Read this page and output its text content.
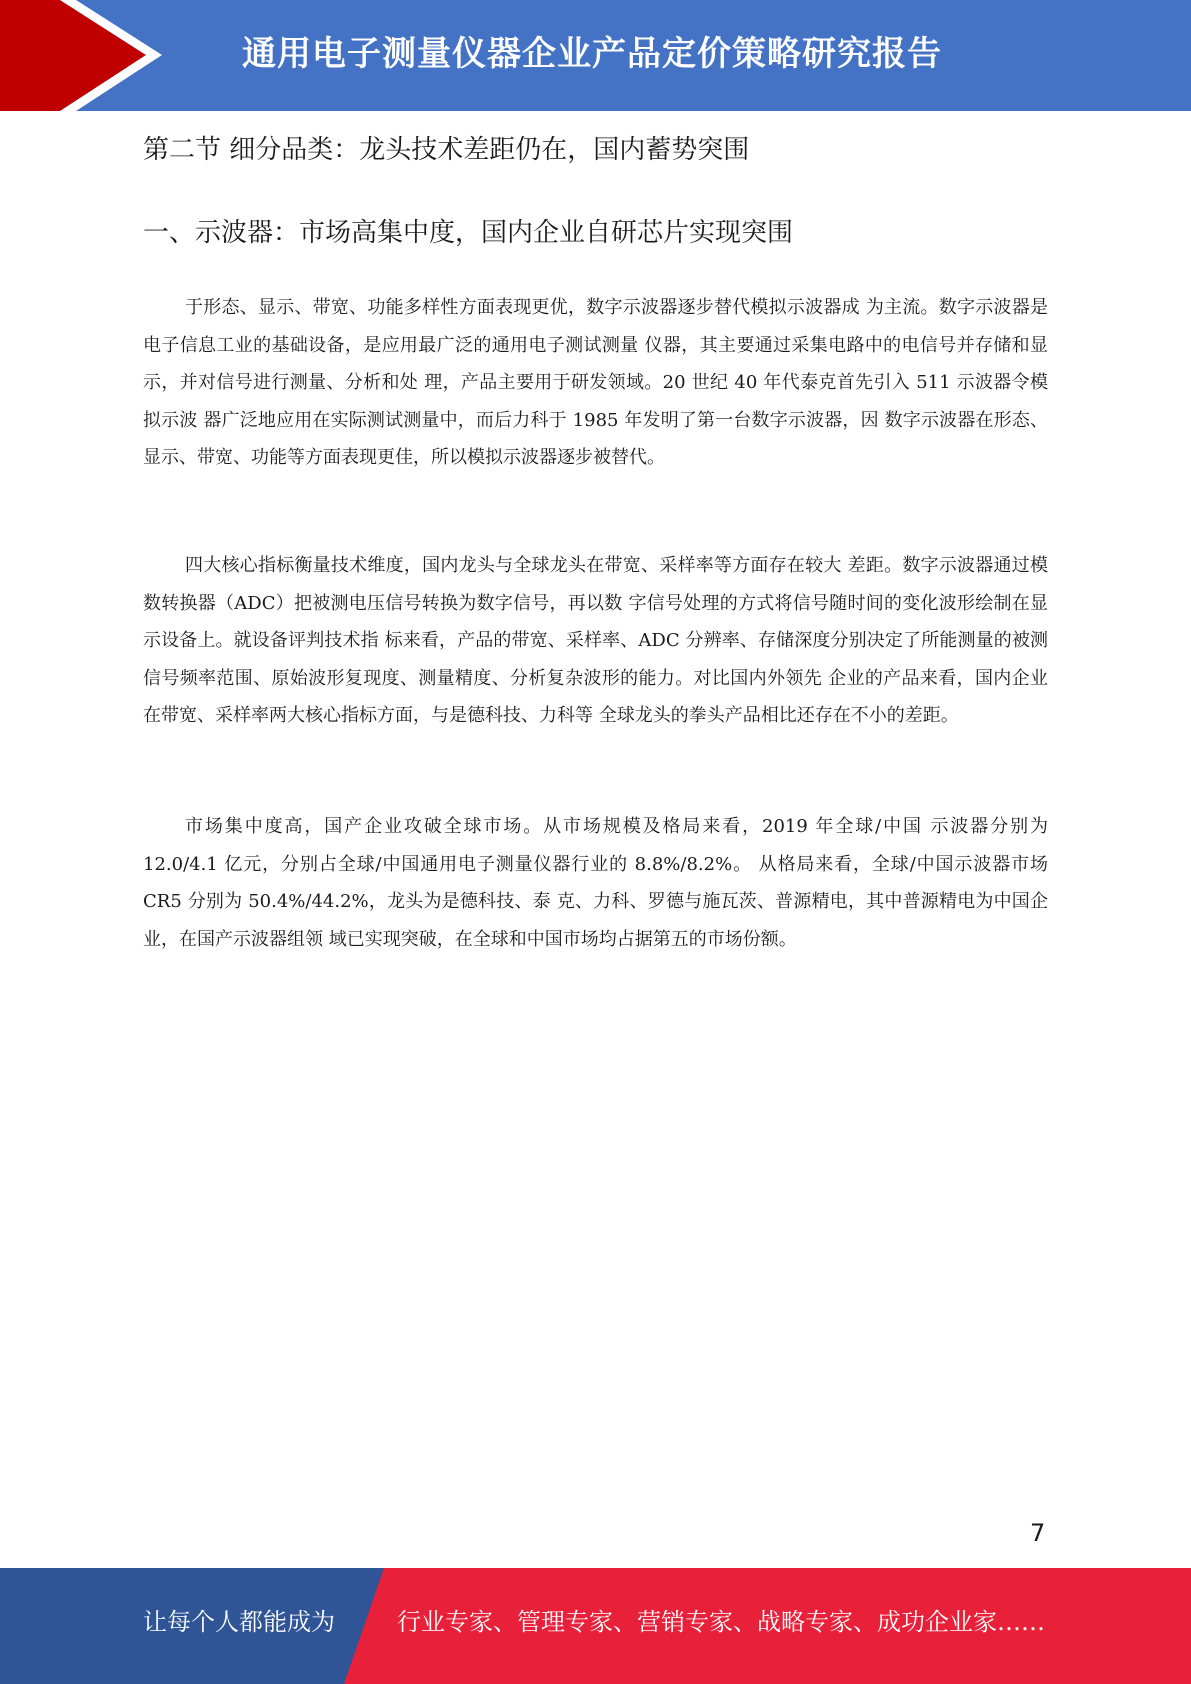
通用电子测量仪器企业产品定价策略研究报告
第二节 细分品类：龙头技术差距仍在，国内蓄势突围
一、示波器：市场高集中度，国内企业自研芯片实现突围

于形态、显示、带宽、功能多样性方面表现更优，数字示波器逐步替代模拟示波器成 为主流。数字示波器是电子信息工业的基础设备，是应用最广泛的通用电子测试测量 仪器，其主要通过采集电路中的电信号并存储和显示，并对信号进行测量、分析和处 理，产品主要用于研发领域。20 世纪 40 年代泰克首先引入 511 示波器令模拟示波 器广泛地应用在实际测试测量中，而后力科于 1985 年发明了第一台数字示波器，因 数字示波器在形态、显示、带宽、功能等方面表现更佳，所以模拟示波器逐步被替代。

四大核心指标衡量技术维度，国内龙头与全球龙头在带宽、采样率等方面存在较大 差距。数字示波器通过模数转换器（ADC）把被测电压信号转换为数字信号，再以数 字信号处理的方式将信号随时间的变化波形绘制在显示设备上。就设备评判技术指 标来看，产品的带宽、采样率、ADC 分辨率、存储深度分别决定了所能测量的被测 信号频率范围、原始波形复现度、测量精度、分析复杂波形的能力。对比国内外领先 企业的产品来看，国内企业在带宽、采样率两大核心指标方面，与是德科技、力科等 全球龙头的拳头产品相比还存在不小的差距。

市场集中度高，国产企业攻破全球市场。从市场规模及格局来看，2019 年全球/中国 示波器分别为 12.0/4.1 亿元，分别占全球/中国通用电子测量仪器行业的 8.8%/8.2%。 从格局来看，全球/中国示波器市场 CR5 分别为 50.4%/44.2%，龙头为是德科技、泰 克、力科、罗德与施瓦茨、普源精电，其中普源精电为中国企业，在国产示波器组领 域已实现突破，在全球和中国市场均占据第五的市场份额。

7
让每个人都能成为	行业专家、管理专家、营销专家、战略专家、成功企业家……
